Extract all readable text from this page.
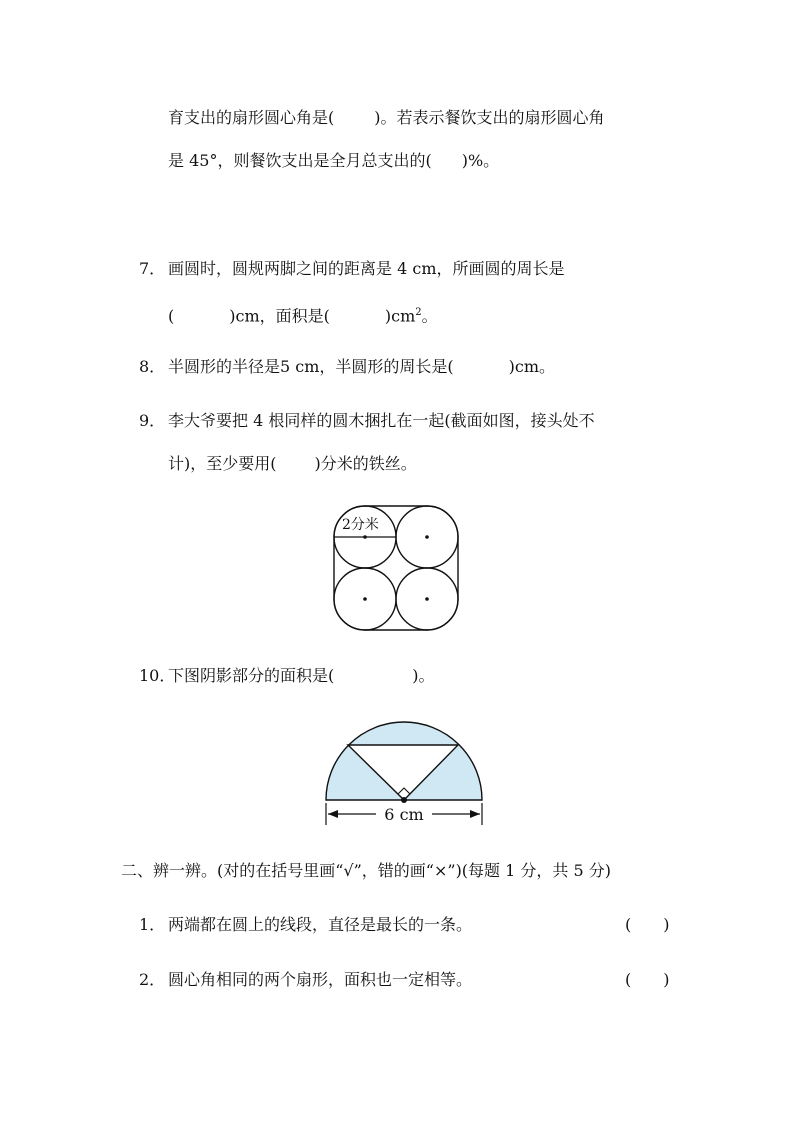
育支出的扇形圆心角是(	)。若表示餐饮支出的扇形圆心角
是 45°，则餐饮支出是全月总支出的( )%。
7． 画圆时，圆规两脚之间的距离是 4 cm，所画圆的周长是
(	)cm，面积是(	)$cm^2$。
8． 半圆形的半径是5 cm，半圆形的周长是(	)cm。
9． 李大爷要把 4 根同样的圆木捆扎在一起(截面如图，接头处不
计)，至少要用( )分米的铁丝。
2分米
10．下图阴影部分的面积是(	)。
6 cm
二、辨一辨。(对的在括号里画“√”，错的画“×”)(每题 1 分，共 5 分)
1． 两端都在圆上的线段，直径是最长的一条。	(　　)
2． 圆心角相同的两个扇形，面积也一定相等。	(　　)
